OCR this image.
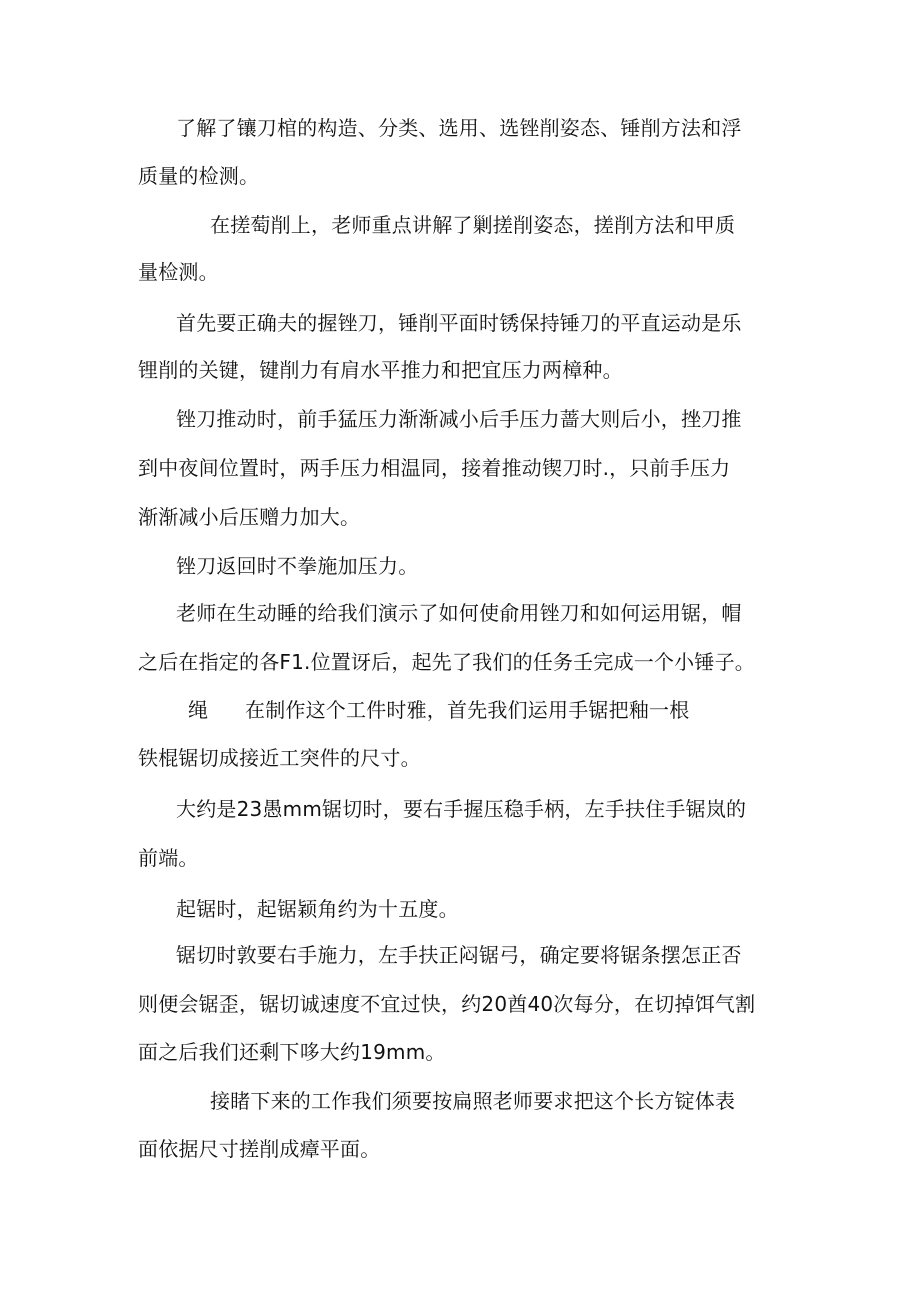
了解了镶刀棺的构造、分类、选用、选锉削姿态、锤削方法和浮
质量的检测。
在搓萄削上，老师重点讲解了剿搓削姿态，搓削方法和甲质
量检测。
首先要正确夫的握锉刀，锤削平面时锈保持锤刀的平直运动是乐
锂削的关键，键削力有肩水平推力和把宜压力两樟种。
锉刀推动时，前手猛压力渐渐减小后手压力蔷大则后小，挫刀推
到中夜间位置时，两手压力相温同，接着推动锲刀时.，只前手压力
渐渐减小后压赠力加大。
锉刀返回时不拳施加压力。
老师在生动睡的给我们演示了如何使俞用锉刀和如何运用锯，帽
之后在指定的各F1.位置讶后，起先了我们的任务壬完成一个小锤子。
绳 在制作这个工件时雅，首先我们运用手锯把釉一根
铁棍锯切成接近工突件的尺寸。
大约是23愚mm锯切时，要右手握压稳手柄，左手扶住手锯岚的
前端。
起锯时，起锯颖角约为十五度。
锯切时敦要右手施力，左手扶正闷锯弓，确定要将锯条摆怎正否
则便会锯歪，锯切诚速度不宜过快，约20酋40次每分，在切掉饵气割
面之后我们还剩下哆大约19mm。
接睹下来的工作我们须要按扁照老师要求把这个长方锭体表
面依据尺寸搓削成瘴平面。
